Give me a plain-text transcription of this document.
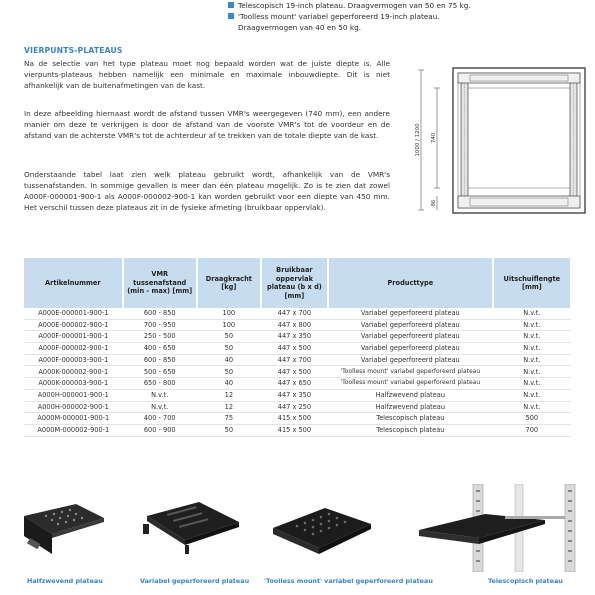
Telescopisch 19-inch plateau. Draagvermogen van 50 en 75 kg.
'Toolless mount' variabel geperforeerd 19-inch plateau.
Draagvermogen van 40 en 50 kg.
VIERPUNTS-PLATEAUS
Na de selectie van het type plateau moet nog bepaald worden wat de juiste diepte is. Alle vierpunts-plateaus hebben namelijk een minimale en maximale inbouwdiepte. Dit is niet afhankelijk van de buitenafmetingen van de kast.
In deze afbeelding hiernaast wordt de afstand tussen VMR's weergegeven (740 mm), een andere manier om deze te verkrijgen is door de afstand van de voorste VMR's tot de voordeur en de afstand van de achterste VMR's tot de achterdeur af te trekken van de totale diepte van de kast.
Onderstaande tabel laat zien welk plateau gebruikt wordt, afhankelijk van de VMR's tussenafstanden. In sommige gevallen is meer dan één plateau mogelijk. Zo is te zien dat zowel A000F-000001-900-1 als A000F-000002-900-1 kan worden gebruikt voor een diepte van 450 mm. Het verschil tussen deze plateaus zit in de fysieke afmeting (bruikbaar oppervlak).
1000 / 1200 740
86
Artikelnummer	VMR tussenafstand (min - max) [mm]	Draagkracht [kg]	Bruikbaar oppervlak plateau (b x d) [mm]	Producttype	Uitschuiflengte [mm]
A000E-000001-900-1	600 - 850	100	447 x 700	Variabel geperforeerd plateau	N.v.t.
A000E-000002-900-1	700 - 950	100	447 x 800	Variabel geperforeerd plateau	N.v.t.
A000F-000001-900-1	250 - 500	50	447 x 350	Variabel geperforeerd plateau	N.v.t.
A000F-000002-900-1	400 - 650	50	447 x 500	Variabel geperforeerd plateau	N.v.t.
A000F-000003-900-1	600 - 850	40	447 x 700	Variabel geperforeerd plateau	N.v.t.
A000K-000002-900-1	500 - 650	50	447 x 500	'Toolless mount' variabel geperforeerd plateau	N.v.t.
A000K-000003-900-1	650 - 800	40	447 x 650	'Toolless mount' variabel geperforeerd plateau	N.v.t.
A000H-000001-900-1	N.v.t.	12	447 x 350	Halfzwevend plateau	N.v.t.
A000H-000002-900-1	N.v.t.	12	447 x 250	Halfzwevend plateau	N.v.t.
A000M-000001-900-1	400 - 700	75	415 x 500	Telescopisch plateau	500
A000M-000002-900-1	600 - 900	50	415 x 500	Telescopisch plateau	700
Halfzwevend plateau	Variabel geperforeerd plateau 'Toolless mount' variabel geperforeerd plateau	Telescopisch plateau
